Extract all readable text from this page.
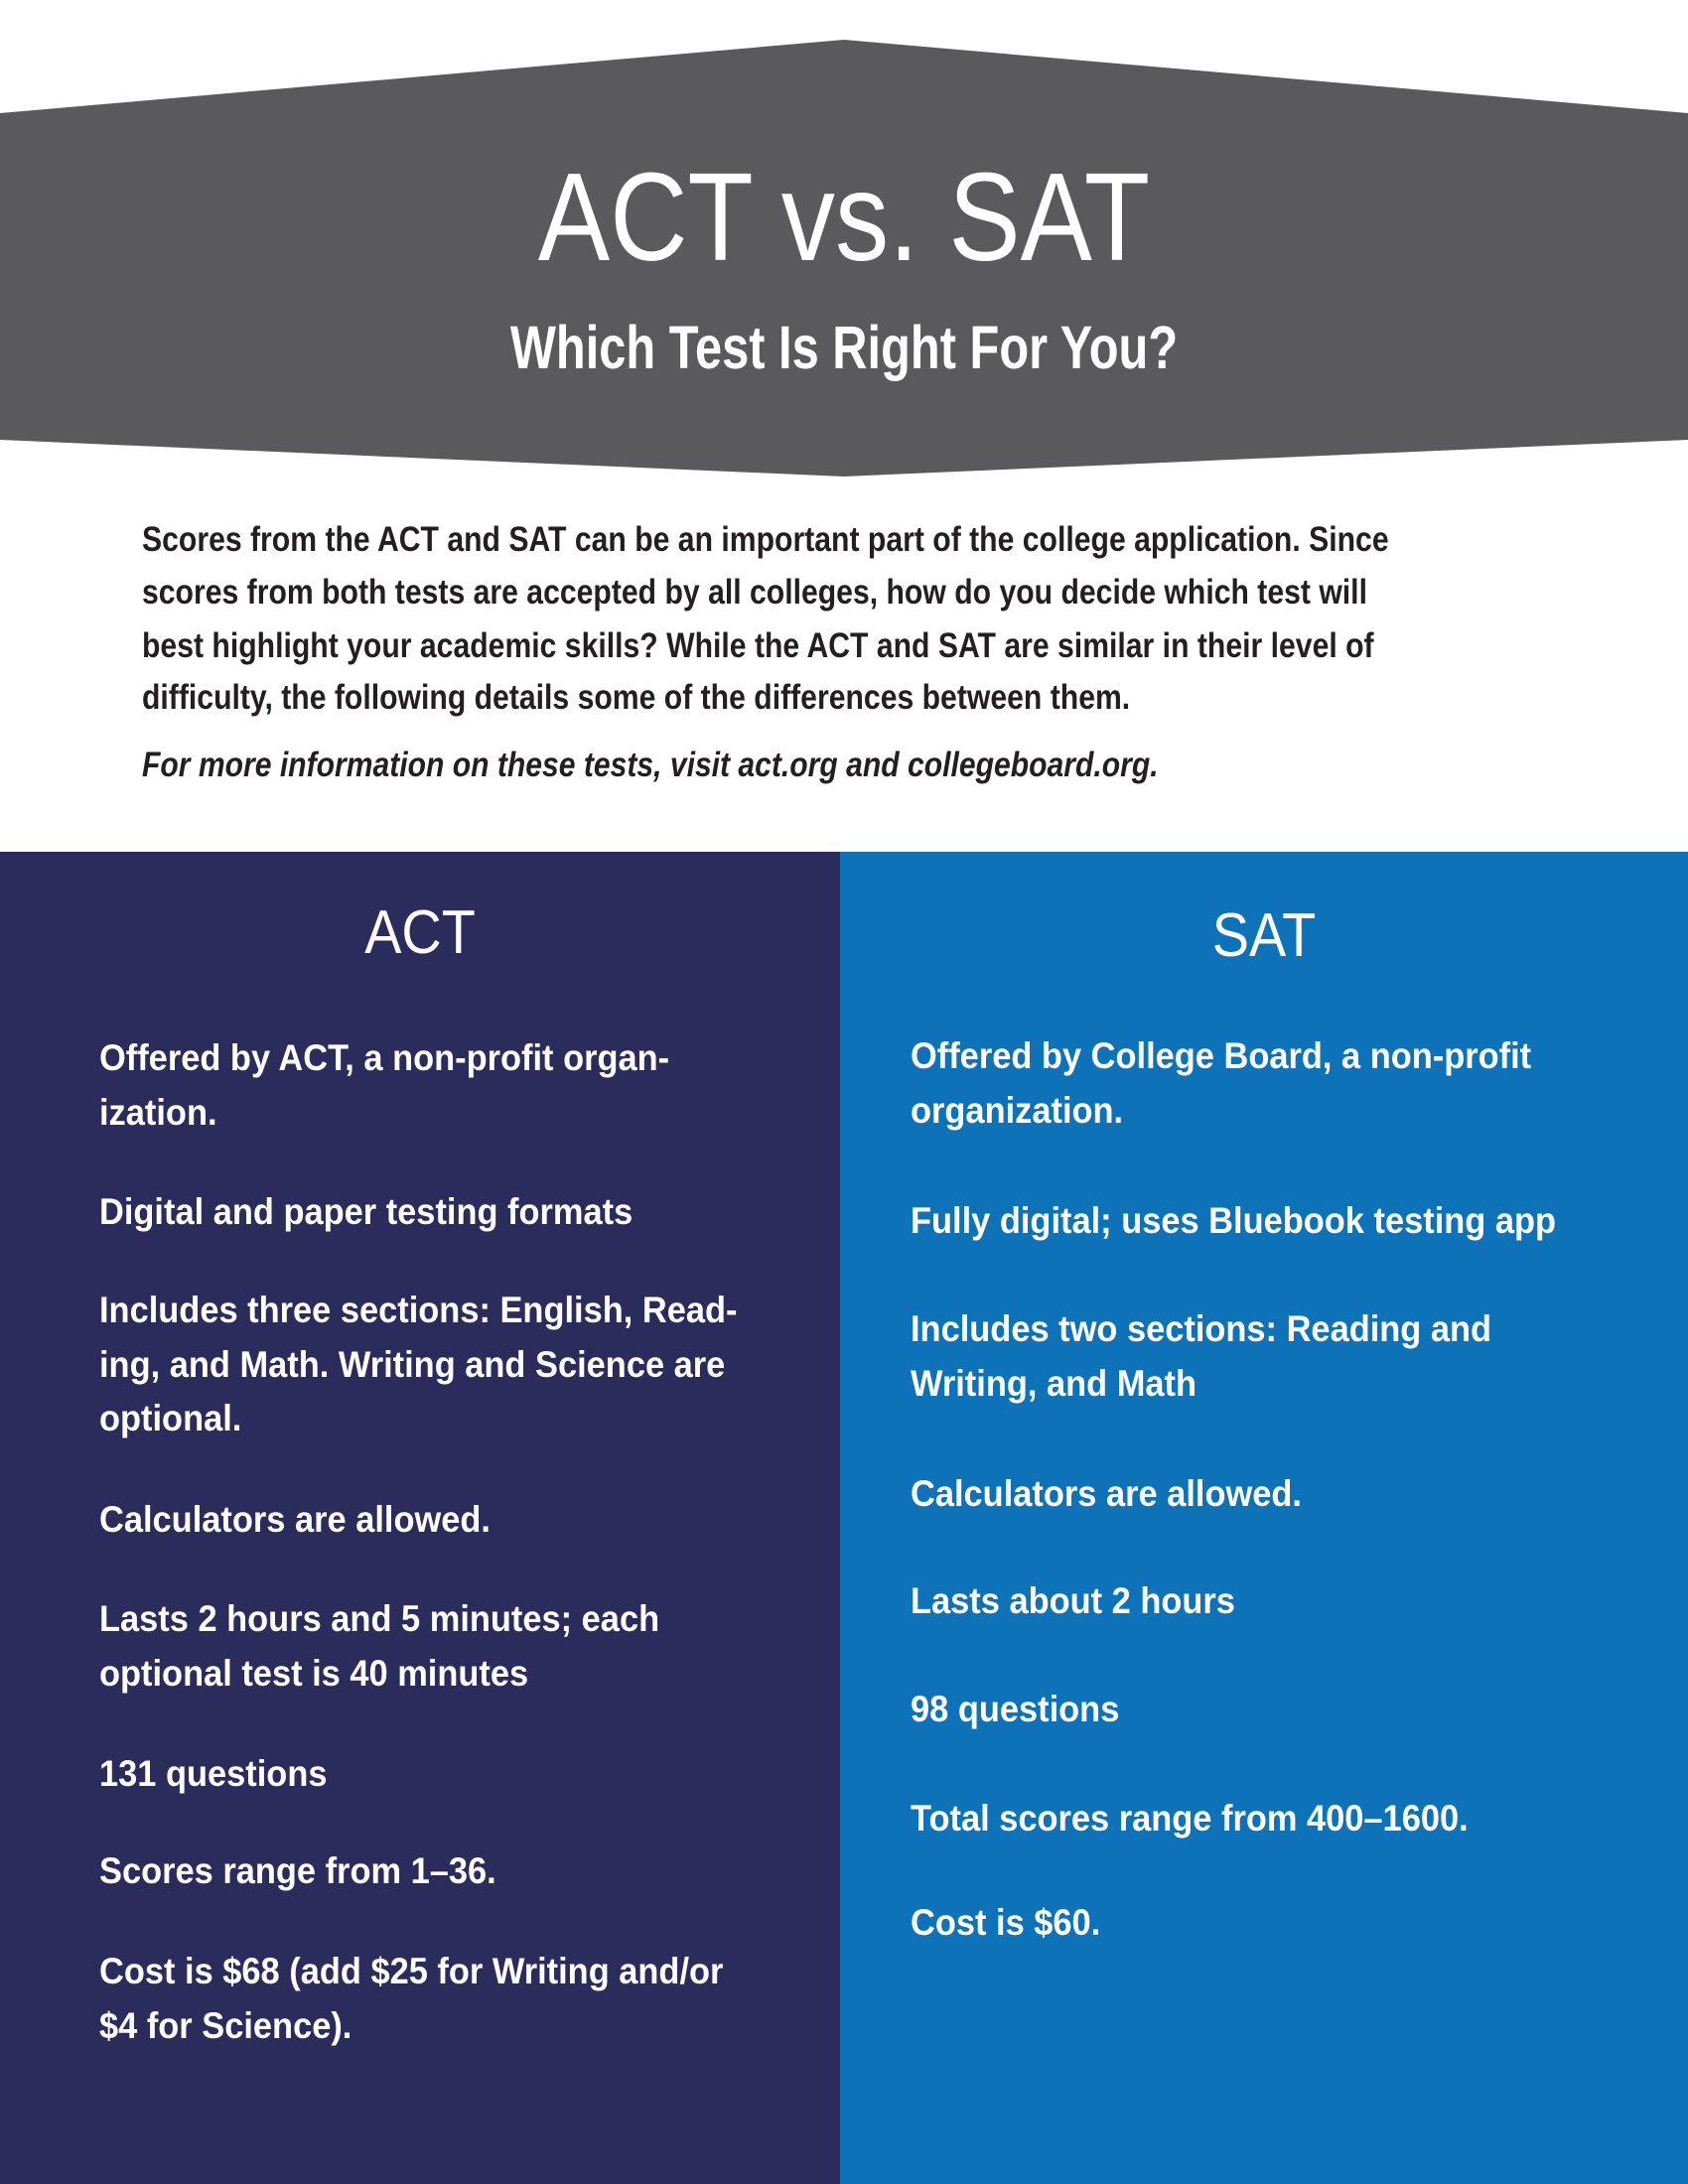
ACT vs. SAT
Which Test Is Right For You?
Scores from the ACT and SAT can be an important part of the college application. Since
scores from both tests are accepted by all colleges, how do you decide which test will
best highlight your academic skills? While the ACT and SAT are similar in their level of
difficulty, the following details some of the differences between them.
For more information on these tests, visit act.org and collegeboard.org.
ACT
Offered by ACT, a non-profit organ-
ization.
Digital and paper testing formats
Includes three sections: English, Read-
ing, and Math. Writing and Science are
optional.
Calculators are allowed.
Lasts 2 hours and 5 minutes; each
optional test is 40 minutes
131 questions
Scores range from 1–36.
Cost is $68 (add $25 for Writing and/or
$4 for Science).
SAT
Offered by College Board, a non-profit
organization.
Fully digital; uses Bluebook testing app
Includes two sections: Reading and
Writing, and Math
Calculators are allowed.
Lasts about 2 hours
98 questions
Total scores range from 400–1600.
Cost is $60.
